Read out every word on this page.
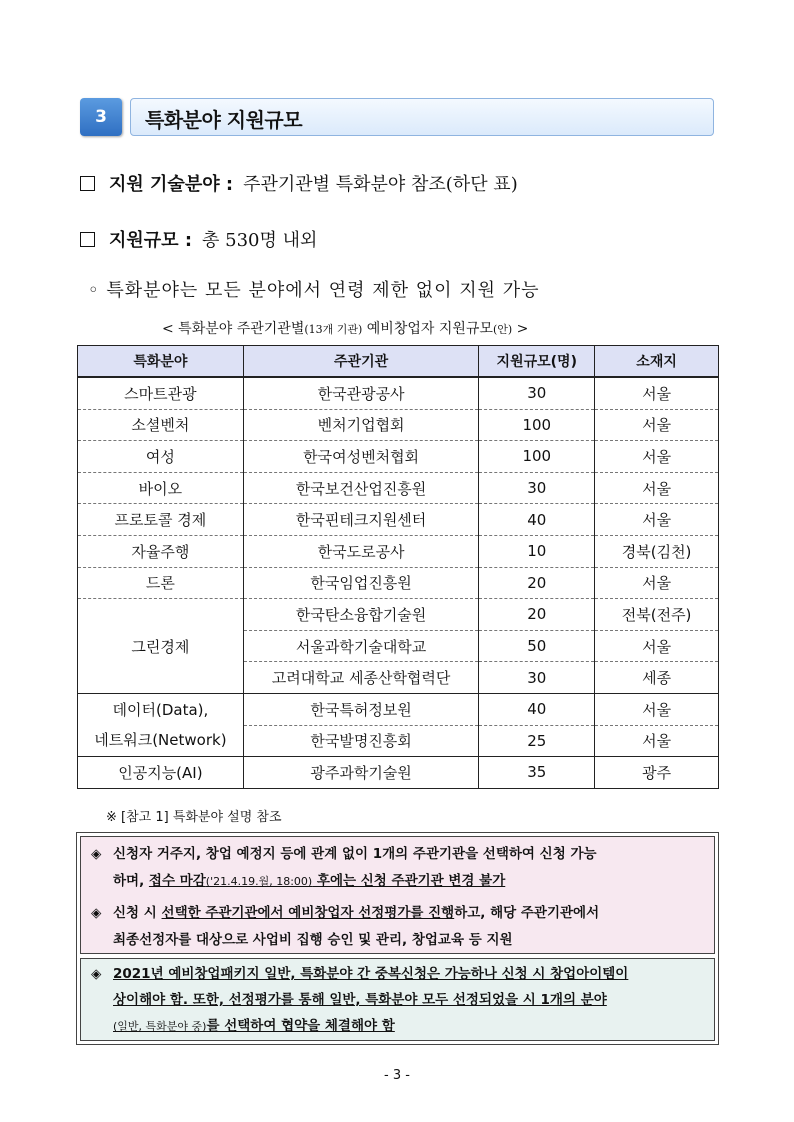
3	특화분야 지원규모
지원 기술분야 : 주관기관별 특화분야 참조 (하단 표)
지원규모 : 총 530명 내외
◦ 특화분야는 모든 분야에서 연령 제한 없이 지원 가능
< 특화분야 주관기관별(13개 기관) 예비창업자 지원규모(안) >
특화분야	주관기관	지원규모(명)	소재지
스마트관광	한국관광공사	30	서울
소셜벤처	벤처기업협회	100	서울
여성	한국여성벤처협회	100	서울
바이오	한국보건산업진흥원	30	서울
프로토콜 경제	한국핀테크지원센터	40	서울
자율주행	한국도로공사	10	경북(김천)
드론	한국임업진흥원	20	서울
그린경제	한국탄소융합기술원	20	전북(전주)
	서울과학기술대학교	50	서울
	고려대학교 세종산학협력단	30	세종

데이터(Data),
네트워크(Network)	한국특허정보원	40	서울
	한국발명진흥회	25	서울
인공지능(AI)	광주과학기술원	35	광주
※ [참고 1] 특화분야 설명 참조
◈ 신청자 거주지, 창업 예정지 등에 관계 없이 1개의 주관기관을 선택하여 신청 가능
하며, 접수 마감('21.4.19.월, 18:00) 후에는 신청 주관기관 변경 불가
◈ 신청 시 선택한 주관기관에서 예비창업자 선정평가를 진행하고, 해당 주관기관에서
최종선정자를 대상으로 사업비 집행 승인 및 관리, 창업교육 등 지원
◈ 2021년 예비창업패키지 일반, 특화분야 간 중복신청은 가능하나 신청 시 창업아이템이
상이해야 함. 또한, 선정평가를 통해 일반, 특화분야 모두 선정되었을 시 1개의 분야
(일반, 특화분야 중)를 선택하여 협약을 체결해야 함
- 3 -
